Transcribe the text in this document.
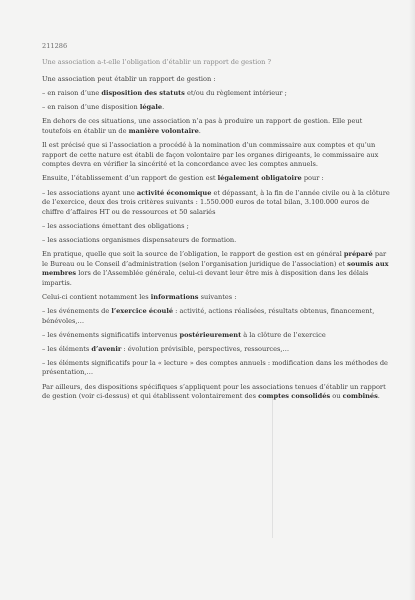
211286
Une association a-t-elle l’obligation d’établir un rapport de gestion ?

Une association peut établir un rapport de gestion :

– en raison d’une disposition des statuts et/ou du règlement intérieur ;

– en raison d’une disposition légale.

En dehors de ces situations, une association n’a pas à produire un rapport de gestion. Elle peut toutefois en établir un de manière volontaire.

Il est précisé que si l’association a procédé à la nomination d’un commissaire aux comptes et qu’un rapport de cette nature est établi de façon volontaire par les organes dirigeants, le commissaire aux comptes devra en vérifier la sincérité et la concordance avec les comptes annuels.

Ensuite, l’établissement d’un rapport de gestion est légalement obligatoire pour :

– les associations ayant une activité économique et dépassant, à la fin de l’année civile ou à la clôture de l’exercice, deux des trois critères suivants : 1.550.000 euros de total bilan, 3.100.000 euros de chiffre d’affaires HT ou de ressources et 50 salariés

– les associations émettant des obligations ;

– les associations organismes dispensateurs de formation.

En pratique, quelle que soit la source de l’obligation, le rapport de gestion est en général préparé par le Bureau ou le Conseil d’administration (selon l’organisation juridique de l’association) et soumis aux membres lors de l’Assemblée générale, celui-ci devant leur être mis à disposition dans les délais impartis.

Celui-ci contient notamment les informations suivantes :

– les événements de l’exercice écoulé : activité, actions réalisées, résultats obtenus, financement, bénévoles,…

– les événements significatifs intervenus postérieurement à la clôture de l’exercice

– les éléments d’avenir : évolution prévisible, perspectives, ressources,…

– les éléments significatifs pour la « lecture » des comptes annuels : modification dans les méthodes de présentation,…

Par ailleurs, des dispositions spécifiques s’appliquent pour les associations tenues d’établir un rapport de gestion (voir ci-dessus) et qui établissent volontairement des comptes consolidés ou combinés.
